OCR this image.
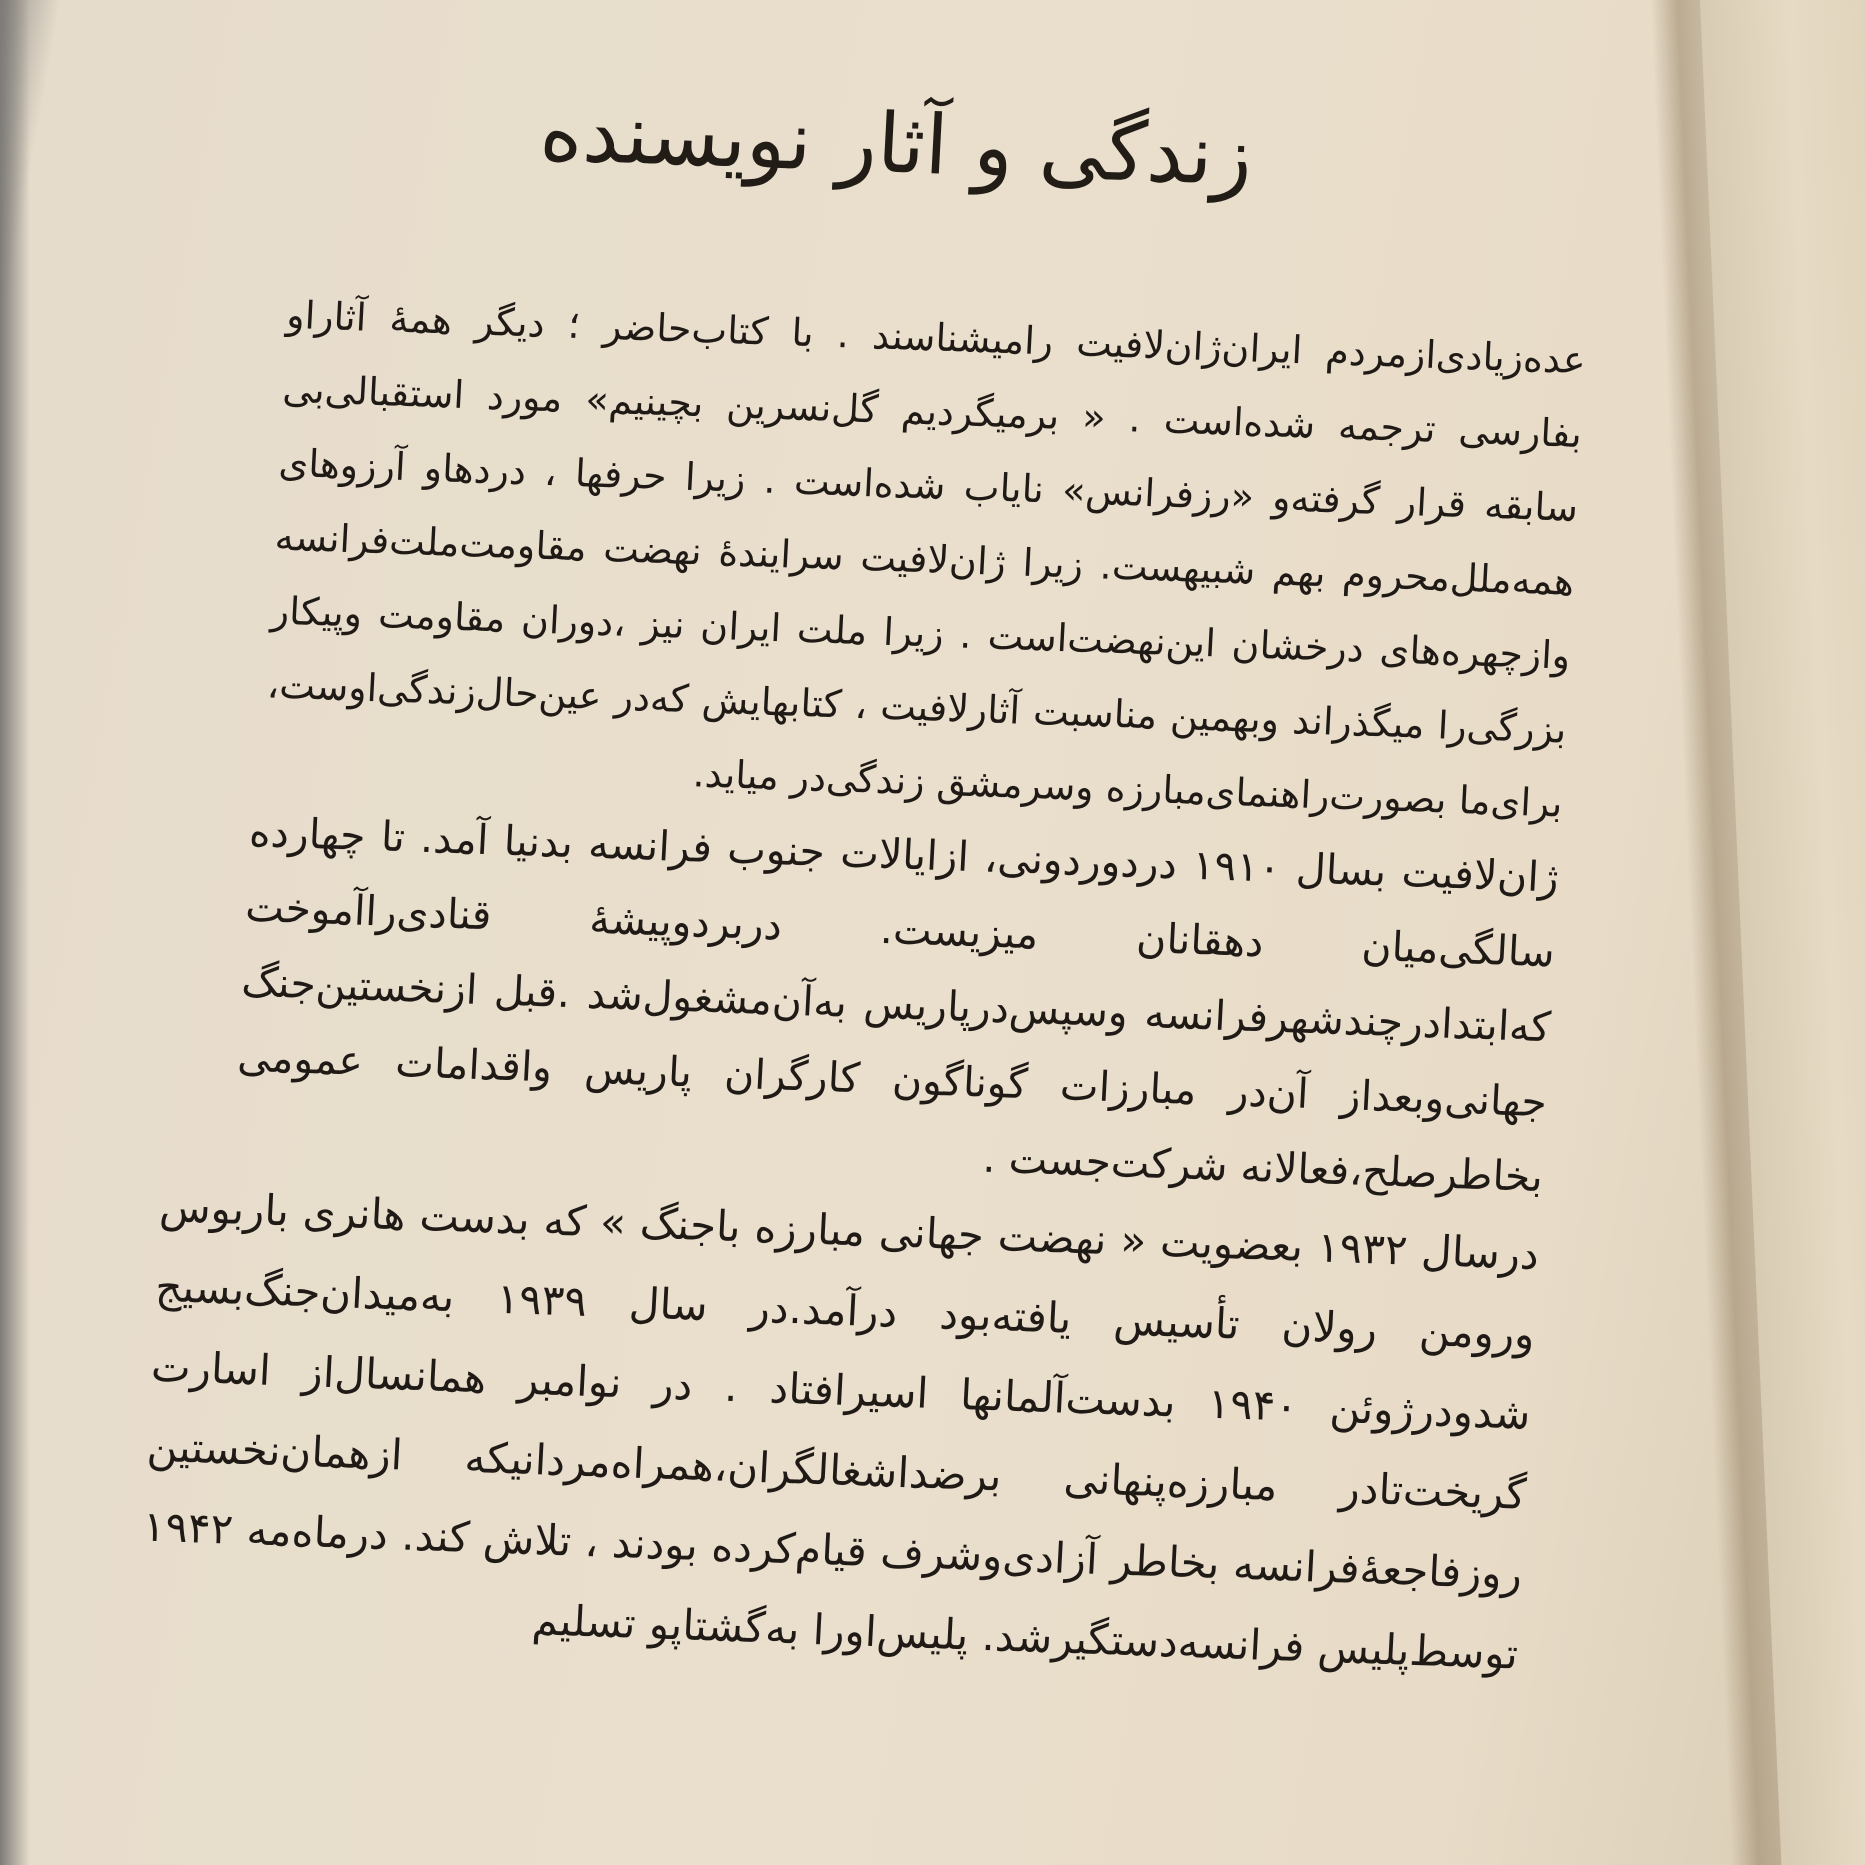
زندگی و آثار نویسنده

عده‌زیادی‌ازمردم ایران‌ژان‌لافیت رامیشناسند . با کتاب‌حاضر ؛ دیگر همهٔ آثاراو بفارسی ترجمه شده‌است . « برمیگردیم گل‌نسرین بچینیم» مورد استقبالی‌بی سابقه قرار گرفته‌و «رزفرانس» نایاب شده‌است . زیرا حرفها ، دردهاو آرزوهای همه‌ملل‌محروم بهم شبیهست. زیرا ژان‌لافیت سرایندهٔ نهضت مقاومت‌ملت‌فرانسه وازچهره‌های درخشان این‌نهضت‌است . زیرا ملت ایران نیز ،دوران مقاومت وپیکار بزرگی‌را میگذراند وبهمین مناسبت آثارلافیت ، کتابهایش که‌در عین‌حال‌زندگی‌اوست، برای‌ما بصورت‌راهنمای‌مبارزه وسرمشق زندگی‌در میاید.

ژان‌لافیت بسال ۱۹۱۰ دردوردونی، ازایالات جنوب فرانسه بدنیا آمد. تا چهارده سالگی‌میان دهقانان میزیست. دربردوپیشهٔ قنادی‌راآموخت که‌ابتدادرچندشهرفرانسه وسپس‌درپاریس به‌آن‌مشغول‌شد .قبل ازنخستین‌جنگ جهانی‌وبعداز آن‌در مبارزات گوناگون کارگران پاریس واقدامات عمومی بخاطرصلح،فعالانه شرکت‌جست .

درسال ۱۹۳۲ بعضویت « نهضت جهانی مبارزه باجنگ » که بدست هانری باربوس ورومن رولان تأسیس یافته‌بود درآمد.در سال ۱۹۳۹ به‌میدان‌جنگ‌بسیج شدودرژوئن ۱۹۴۰ بدست‌آلمانها اسیرافتاد . در نوامبر همانسال‌از اسارت گریخت‌تادر مبارزه‌پنهانی برضداشغالگران،همراه‌مردانیکه ازهمان‌نخستین روزفاجعهٔ‌فرانسه بخاطر آزادی‌وشرف قیام‌کرده بودند ، تلاش کند. درماه‌مه ۱۹۴۲ توسط‌پلیس فرانسه‌دستگیرشد. پلیس‌اورا به‌گشتاپو تسلیم
